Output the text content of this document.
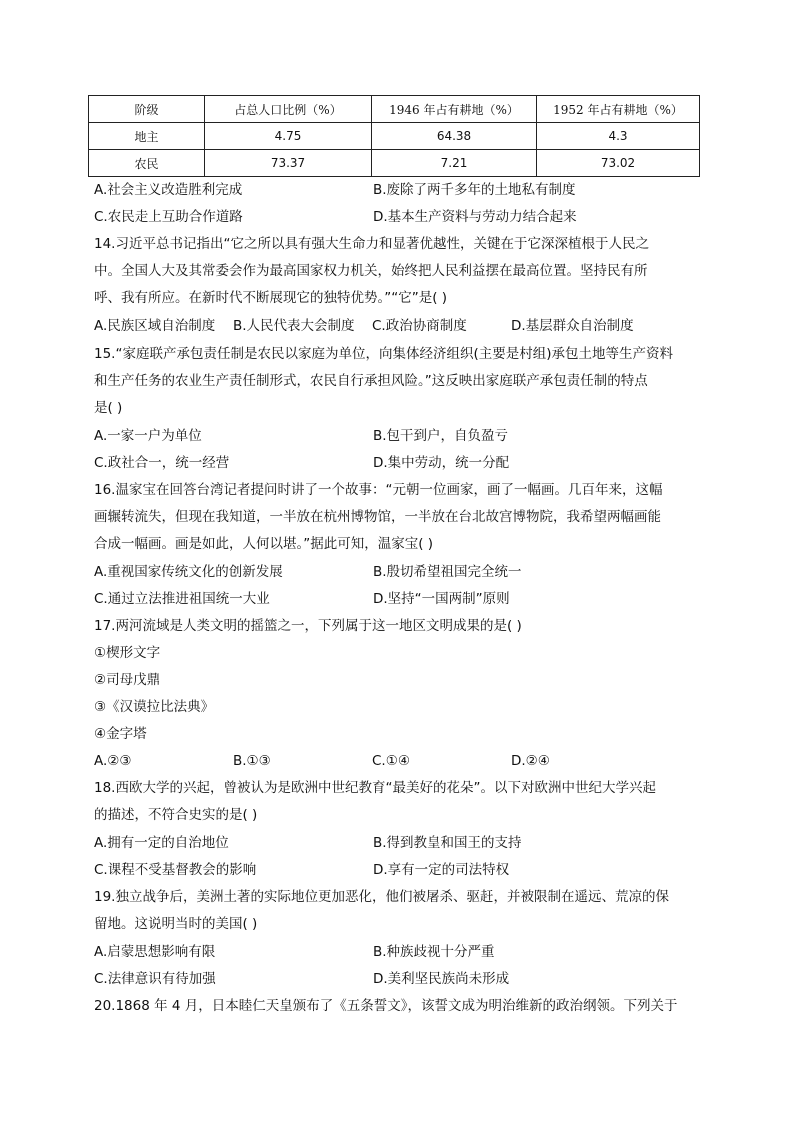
阶级	占总人口比例（%）	1946 年占有耕地（%）	1952 年占有耕地（%）
地主	4.75	64.38	4.3
农民	73.37	7.21	73.02
A.社会主义改造胜利完成	B.废除了两千多年的土地私有制度
C.农民走上互助合作道路	D.基本生产资料与劳动力结合起来
14.习近平总书记指出“它之所以具有强大生命力和显著优越性，关键在于它深深植根于人民之
中。全国人大及其常委会作为最高国家权力机关，始终把人民利益摆在最高位置。坚持民有所
呼、我有所应。在新时代不断展现它的独特优势。”“它”是( )
A.民族区域自治制度 B.人民代表大会制度 C.政治协商制度	D.基层群众自治制度
15.“家庭联产承包责任制是农民以家庭为单位，向集体经济组织(主要是村组)承包土地等生产资料
和生产任务的农业生产责任制形式，农民自行承担风险。”这反映出家庭联产承包责任制的特点
是( )
A.一家一户为单位	B.包干到户，自负盈亏
C.政社合一，统一经营	D.集中劳动，统一分配
16.温家宝在回答台湾记者提问时讲了一个故事：“元朝一位画家，画了一幅画。几百年来，这幅
画辗转流失，但现在我知道，一半放在杭州博物馆，一半放在台北故宫博物院，我希望两幅画能
合成一幅画。画是如此，人何以堪。”据此可知，温家宝( )
A.重视国家传统文化的创新发展	B.殷切希望祖国完全统一
C.通过立法推进祖国统一大业	D.坚持“一国两制”原则
17.两河流域是人类文明的摇篮之一，下列属于这一地区文明成果的是( )
①楔形文字
②司母戊鼎
③《汉谟拉比法典》
④金字塔
A.②③	B.①③	C.①④	D.②④
18.西欧大学的兴起，曾被认为是欧洲中世纪教育“最美好的花朵”。以下对欧洲中世纪大学兴起
的描述，不符合史实的是( )
A.拥有一定的自治地位	B.得到教皇和国王的支持
C.课程不受基督教会的影响	D.享有一定的司法特权
19.独立战争后，美洲土著的实际地位更加恶化，他们被屠杀、驱赶，并被限制在遥远、荒凉的保
留地。这说明当时的美国( )
A.启蒙思想影响有限	B.种族歧视十分严重
C.法律意识有待加强	D.美利坚民族尚未形成
20.1868 年 4 月，日本睦仁天皇颁布了《五条誓文》，该誓文成为明治维新的政治纲领。下列关于
